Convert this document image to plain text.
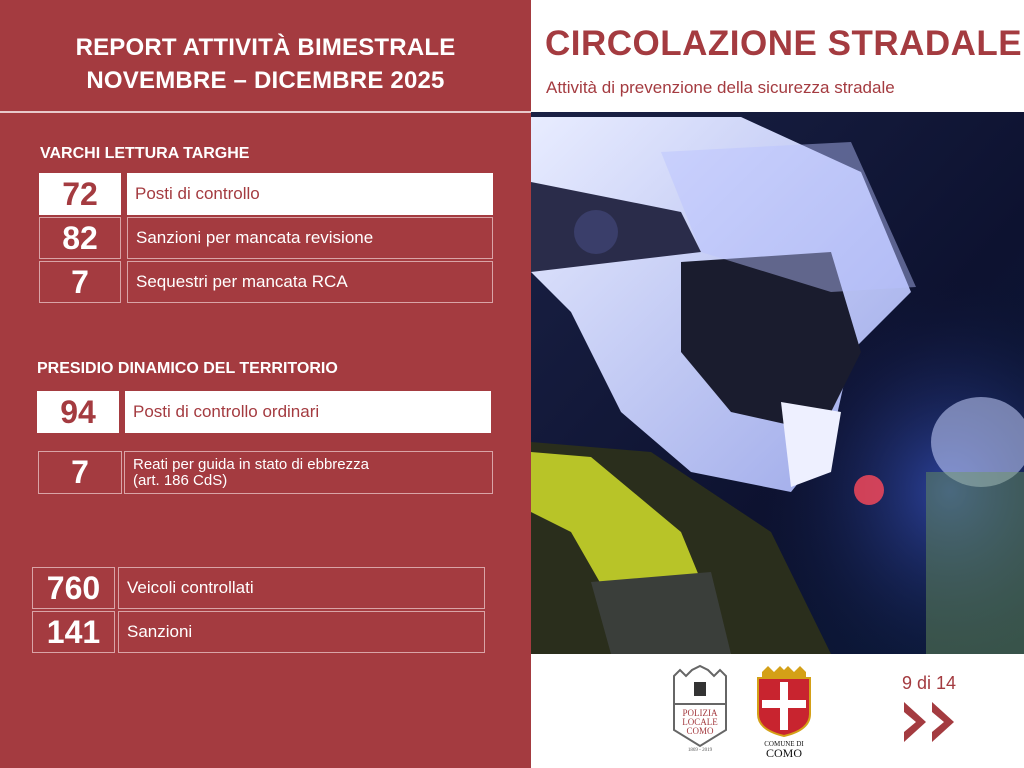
REPORT ATTIVITÀ BIMESTRALE
NOVEMBRE – DICEMBRE 2025
VARCHI LETTURA TARGHE
72	Posti di controllo
82	Sanzioni per mancata revisione
7	Sequestri per mancata RCA
PRESIDIO DINAMICO DEL TERRITORIO
94	Posti di controllo ordinari
7	Reati per guida in stato di ebbrezza
(art. 186 CdS)
760	Veicoli controllati
141	Sanzioni
CIRCOLAZIONE STRADALE
Attività di prevenzione della sicurezza stradale
POLIZIA
LOCALE
COMO
1869 - 2019
COMUNE DI
COMO
9 di 14
